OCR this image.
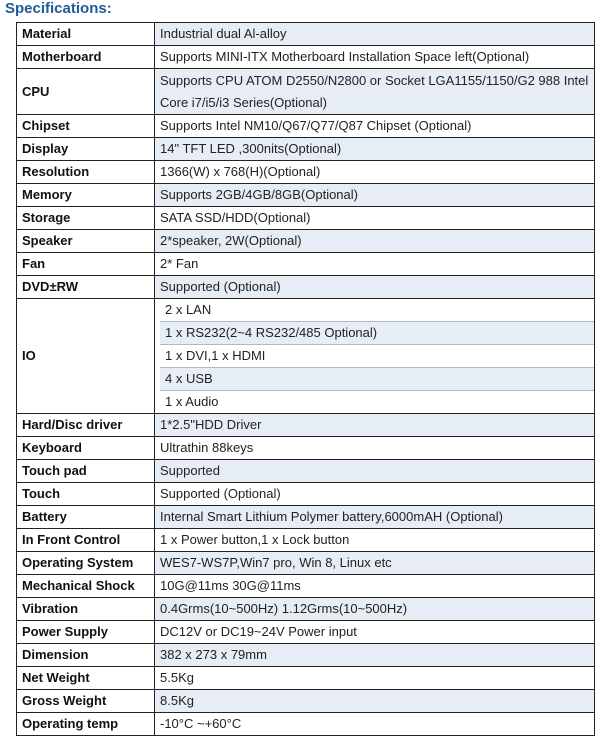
Specifications:
Material	Industrial dual Al-alloy
Motherboard	Supports MINI-ITX Motherboard Installation Space left(Optional)
CPU	Supports CPU ATOM D2550/N2800 or Socket LGA1155/1150/G2 988 Intel Core i7/i5/i3 Series(Optional)

Chipset	Supports Intel NM10/Q67/Q77/Q87 Chipset (Optional)
Display	14" TFT LED ,300nits(Optional)
Resolution	1366(W) x 768(H)(Optional)
Memory	Supports 2GB/4GB/8GB(Optional)
Storage	SATA SSD/HDD(Optional)
Speaker	2*speaker, 2W(Optional)
Fan	2* Fan
DVD±RW	Supported (Optional)
IO	2 x LAN
1 x RS232(2~4 RS232/485 Optional)
1 x DVI,1 x HDMI
4 x USB
1 x Audio

Hard/Disc driver	1*2.5"HDD Driver
Keyboard	Ultrathin 88keys
Touch pad	Supported
Touch	Supported (Optional)
Battery	Internal Smart Lithium Polymer battery,6000mAH (Optional)
In Front Control	1 x Power button,1 x Lock button
Operating System	WES7-WS7P,Win7 pro, Win 8, Linux etc
Mechanical Shock	10G@11ms 30G@11ms
Vibration	0.4Grms(10~500Hz) 1.12Grms(10~500Hz)
Power Supply	DC12V or DC19~24V Power input
Dimension	382 x 273 x 79mm
Net Weight	5.5Kg
Gross Weight	8.5Kg
Operating temp	-10°C ~+60°C
